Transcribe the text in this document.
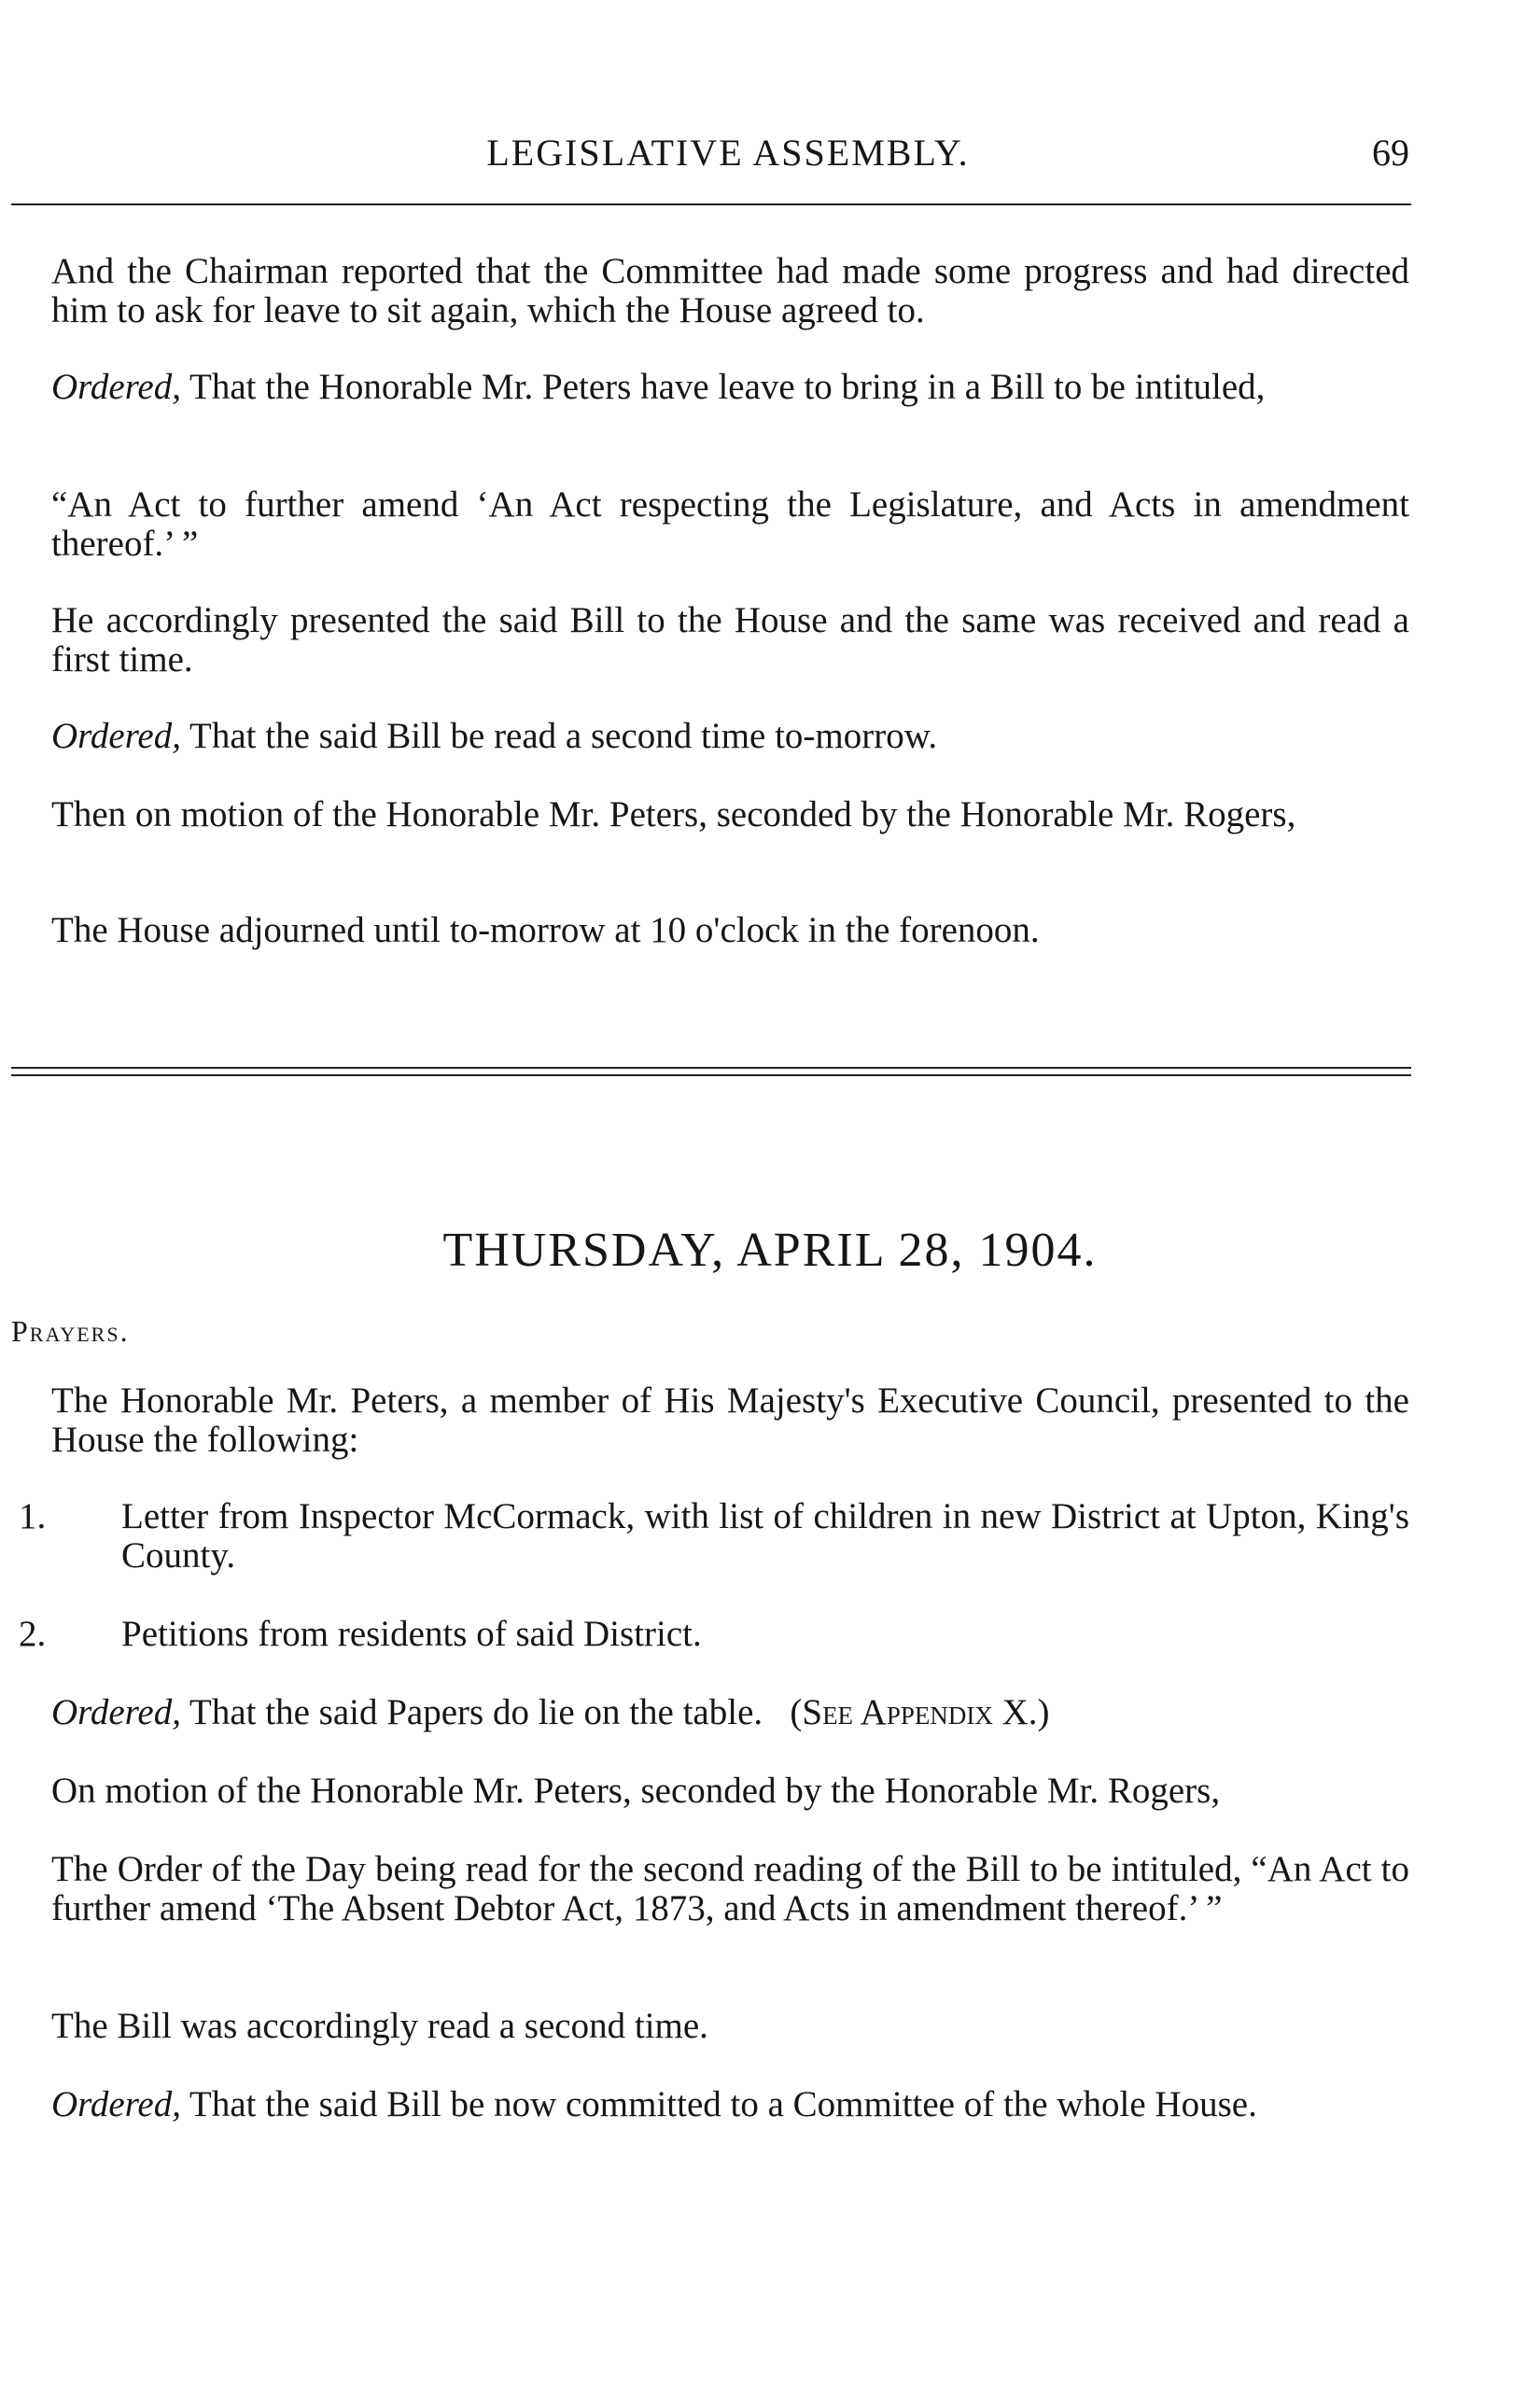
LEGISLATIVE ASSEMBLY.	69
And the Chairman reported that the Committee had made some progress and had directed him to ask for leave to sit again, which the House agreed to.
Ordered, That the Honorable Mr. Peters have leave to bring in a Bill to be intituled,
“An Act to further amend ‘An Act respecting the Legislature, and Acts in amendment thereof.’ ”
He accordingly presented the said Bill to the House and the same was received and read a first time.
Ordered, That the said Bill be read a second time to-morrow.
Then on motion of the Honorable Mr. Peters, seconded by the Honorable Mr. Rogers,
The House adjourned until to-morrow at 10 o'clock in the forenoon.
THURSDAY, APRIL 28, 1904.
Prayers.
The Honorable Mr. Peters, a member of His Majesty's Executive Council, presented to the House the following:
1. Letter from Inspector McCormack, with list of children in new District at Upton, King's County.
2. Petitions from residents of said District.
Ordered, That the said Papers do lie on the table. (See Appendix X.)
On motion of the Honorable Mr. Peters, seconded by the Honorable Mr. Rogers,
The Order of the Day being read for the second reading of the Bill to be intituled, “An Act to further amend ‘The Absent Debtor Act, 1873, and Acts in amendment thereof.’ ”
The Bill was accordingly read a second time.
Ordered, That the said Bill be now committed to a Committee of the whole House.
